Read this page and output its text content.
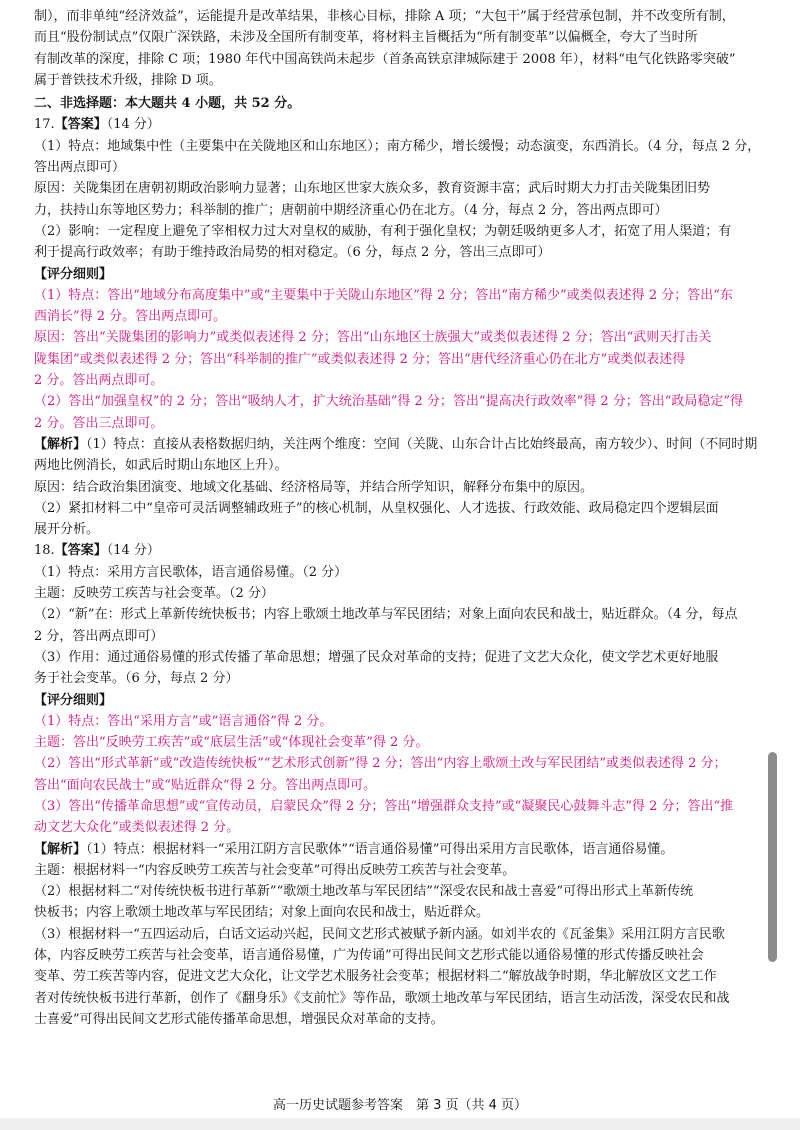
制），而非单纯“经济效益”，运能提升是改革结果，非核心目标，排除 A 项；“大包干”属于经营承包制，并不改变所有制，

而且“股份制试点”仅限广深铁路，未涉及全国所有制变革，将材料主旨概括为“所有制变革”以偏概全，夸大了当时所

有制改革的深度，排除 C 项；1980 年代中国高铁尚未起步（首条高铁京津城际建于 2008 年），材料“电气化铁路零突破”

属于普铁技术升级，排除 D 项。

二、非选择题：本大题共 4 小题，共 52 分。

17.【答案】（14 分）

（1）特点：地域集中性（主要集中在关陇地区和山东地区）；南方稀少，增长缓慢；动态演变，东西消长。（4 分，每点 2 分，

答出两点即可）

原因：关陇集团在唐朝初期政治影响力显著；山东地区世家大族众多，教育资源丰富；武后时期大力打击关陇集团旧势

力，扶持山东等地区势力；科举制的推广；唐朝前中期经济重心仍在北方。（4 分，每点 2 分，答出两点即可）

（2）影响：一定程度上避免了宰相权力过大对皇权的威胁，有利于强化皇权；为朝廷吸纳更多人才，拓宽了用人渠道；有

利于提高行政效率；有助于维持政治局势的相对稳定。（6 分，每点 2 分，答出三点即可）

【评分细则】

（1）特点：答出“地域分布高度集中”或“主要集中于关陇山东地区”得 2 分；答出“南方稀少”或类似表述得 2 分；答出“东

西消长”得 2 分。答出两点即可。

原因：答出“关陇集团的影响力”或类似表述得 2 分；答出“山东地区士族强大”或类似表述得 2 分；答出“武则天打击关

陇集团”或类似表述得 2 分；答出“科举制的推广”或类似表述得 2 分；答出“唐代经济重心仍在北方”或类似表述得

2 分。答出两点即可。

（2）答出“加强皇权”的 2 分；答出“吸纳人才，扩大统治基础”得 2 分；答出“提高决行政效率”得 2 分；答出“政局稳定”得

2 分。答出三点即可。

【解析】（1）特点：直接从表格数据归纳，关注两个维度：空间（关陇、山东合计占比始终最高，南方较少）、时间（不同时期

两地比例消长，如武后时期山东地区上升）。

原因：结合政治集团演变、地域文化基础、经济格局等，并结合所学知识，解释分布集中的原因。

（2）紧扣材料二中“皇帝可灵活调整辅政班子”的核心机制，从皇权强化、人才选拔、行政效能、政局稳定四个逻辑层面

展开分析。

18.【答案】（14 分）

（1）特点：采用方言民歌体，语言通俗易懂。（2 分）

主题：反映劳工疾苦与社会变革。（2 分）

（2）“新”在：形式上革新传统快板书；内容上歌颂土地改革与军民团结；对象上面向农民和战士，贴近群众。（4 分，每点

2 分，答出两点即可）

（3）作用：通过通俗易懂的形式传播了革命思想；增强了民众对革命的支持；促进了文艺大众化，使文学艺术更好地服

务于社会变革。（6 分，每点 2 分）

【评分细则】

（1）特点：答出“采用方言”或“语言通俗”得 2 分。

主题：答出“反映劳工疾苦”或“底层生活”或“体现社会变革”得 2 分。

（2）答出“形式革新”或“改造传统快板”“艺术形式创新”得 2 分；答出“内容上歌颂土改与军民团结”或类似表述得 2 分；

答出“面向农民战士”或“贴近群众”得 2 分。答出两点即可。

（3）答出“传播革命思想”或“宣传动员，启蒙民众”得 2 分；答出“增强群众支持”或“凝聚民心鼓舞斗志”得 2 分；答出“推

动文艺大众化”或类似表述得 2 分。

【解析】（1）特点：根据材料一“采用江阴方言民歌体”“语言通俗易懂”可得出采用方言民歌体，语言通俗易懂。

主题：根据材料一“内容反映劳工疾苦与社会变革”可得出反映劳工疾苦与社会变革。

（2）根据材料二“对传统快板书进行革新”“歌颂土地改革与军民团结”“深受农民和战士喜爱”可得出形式上革新传统

快板书；内容上歌颂土地改革与军民团结；对象上面向农民和战士，贴近群众。

（3）根据材料一“五四运动后，白话文运动兴起，民间文艺形式被赋予新内涵。如刘半农的《瓦釜集》采用江阴方言民歌

体，内容反映劳工疾苦与社会变革，语言通俗易懂，广为传诵”可得出民间文艺形式能以通俗易懂的形式传播反映社会

变革、劳工疾苦等内容，促进文艺大众化，让文学艺术服务社会变革；根据材料二“解放战争时期，华北解放区文艺工作

者对传统快板书进行革新，创作了《翻身乐》《支前忙》等作品，歌颂土地改革与军民团结，语言生动活泼，深受农民和战

士喜爱”可得出民间文艺形式能传播革命思想，增强民众对革命的支持。

高一历史试题参考答案　第 3 页（共 4 页）
